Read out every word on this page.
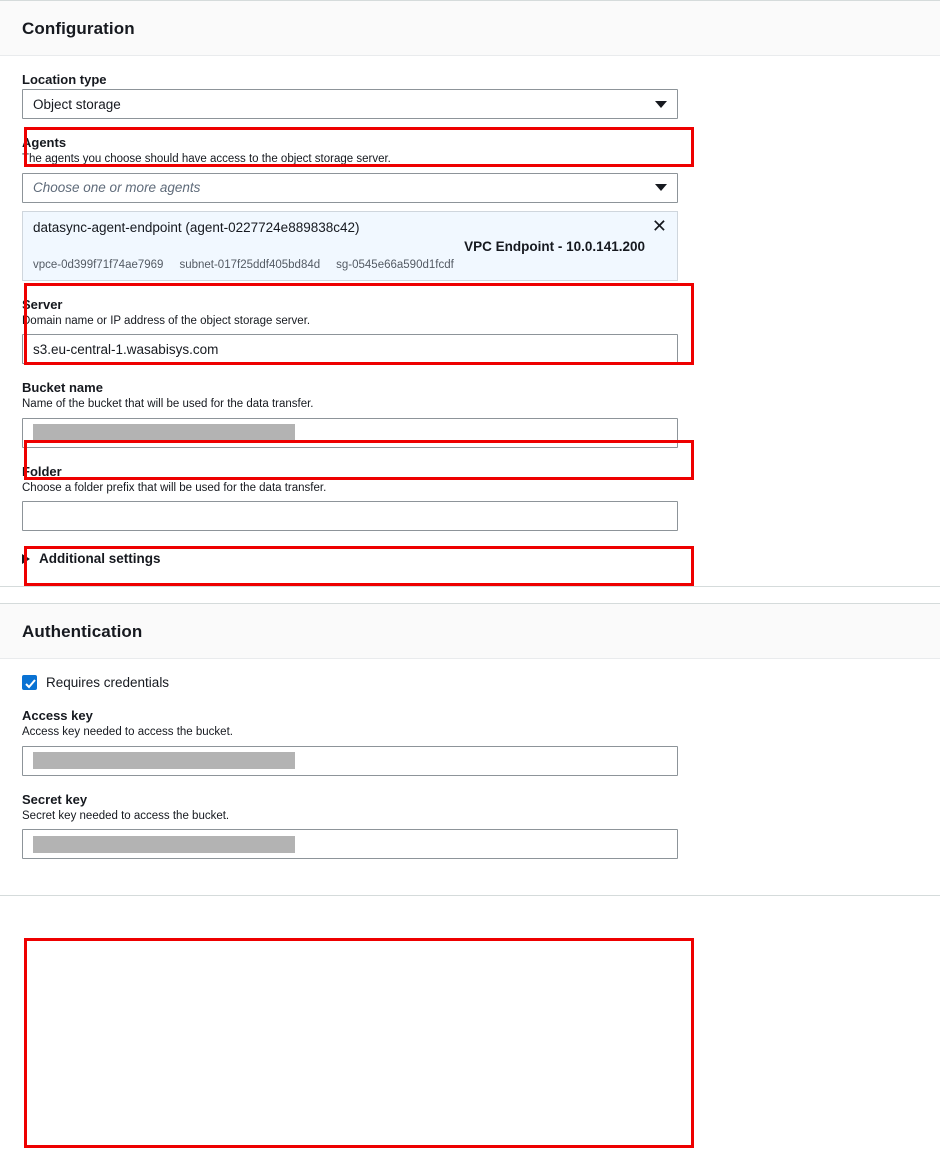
Configuration
Location type
Object storage
Agents
The agents you choose should have access to the object storage server.
Choose one or more agents
datasync-agent-endpoint (agent-0227724e889838c42)	✕
VPC Endpoint - 10.0.141.200
vpce-0d399f71f74ae7969 subnet-017f25ddf405bd84d sg-0545e66a590d1fcdf
Server
Domain name or IP address of the object storage server.
s3.eu-central-1.wasabisys.com
Bucket name
Name of the bucket that will be used for the data transfer.
Folder
Choose a folder prefix that will be used for the data transfer.
Additional settings
Authentication
Requires credentials
Access key
Access key needed to access the bucket.
Secret key
Secret key needed to access the bucket.
